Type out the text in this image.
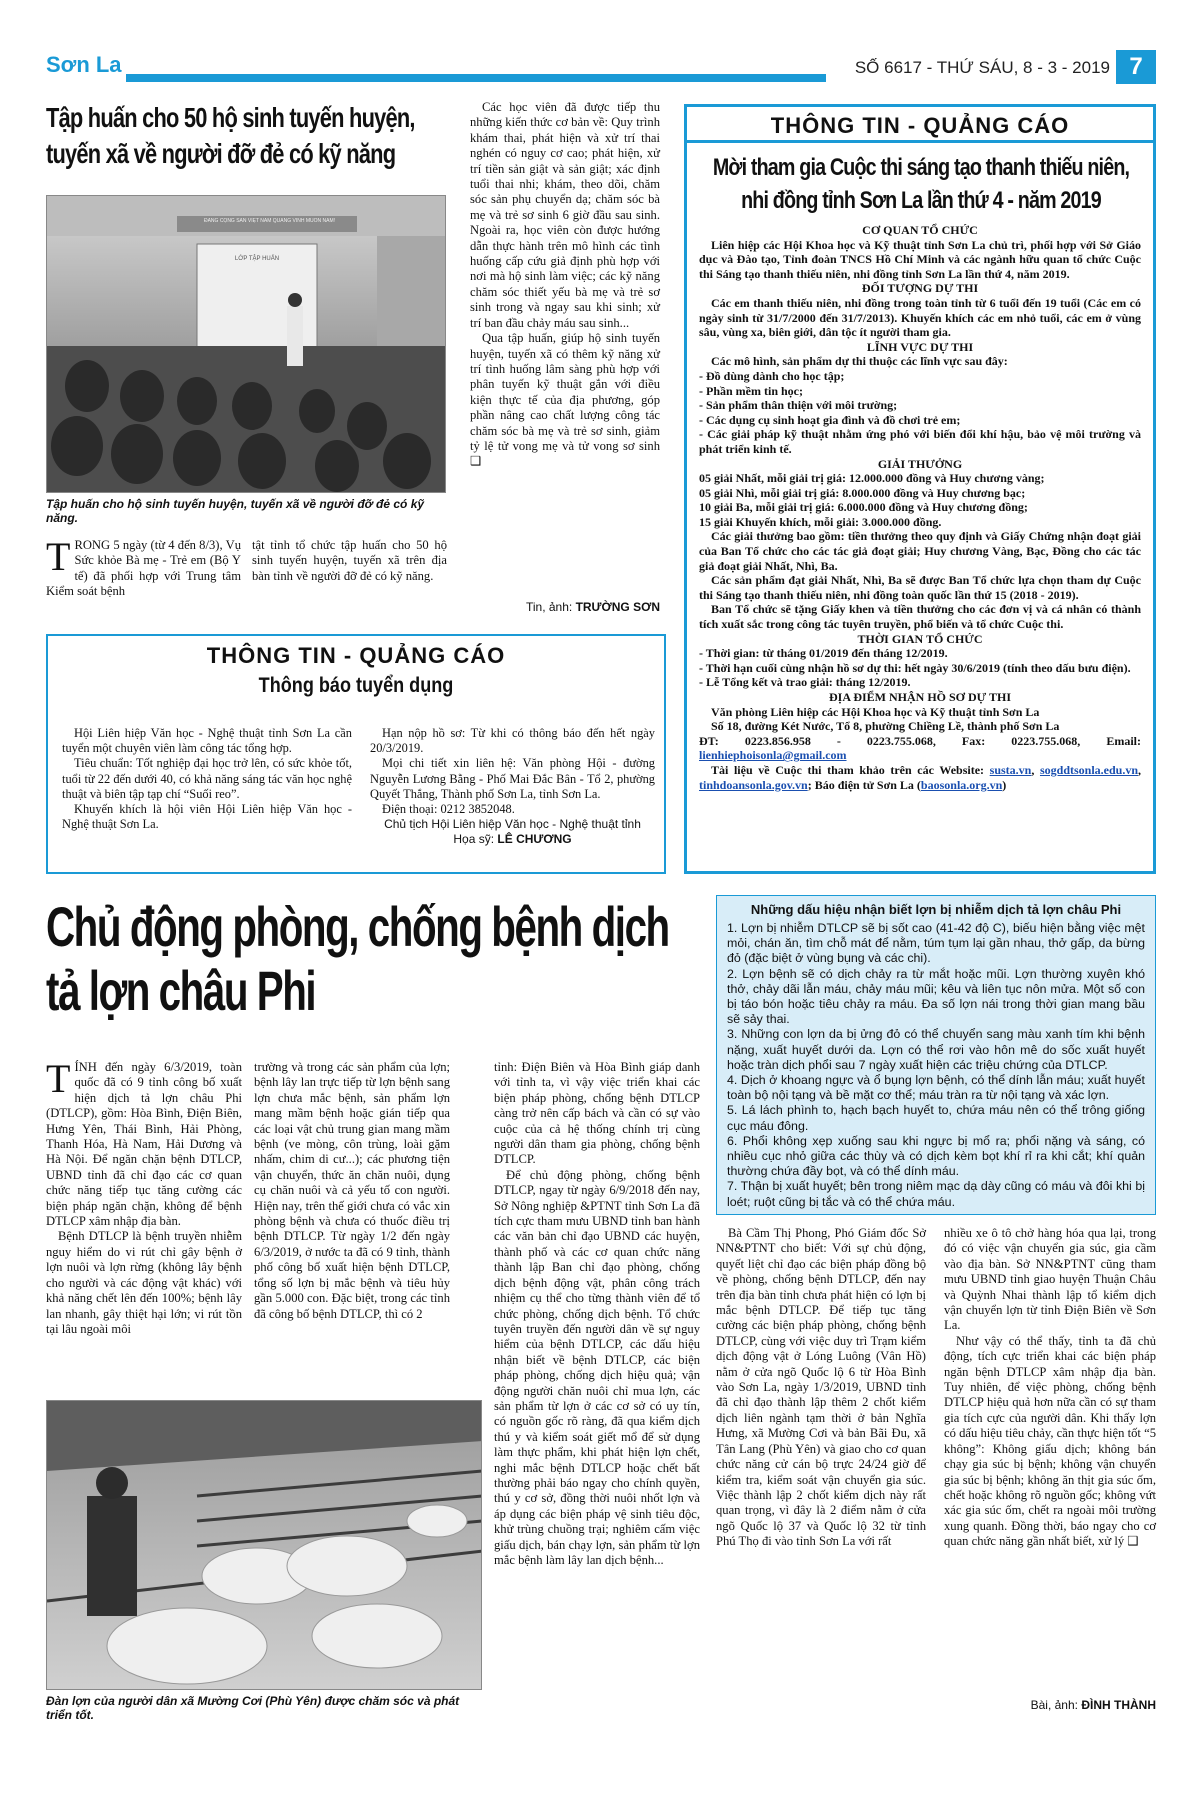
Sơn La	SỐ 6617 - THỨ SÁU, 8 - 3 - 2019 7
Tập huấn cho 50 hộ sinh tuyến huyện,
tuyến xã về người đỡ đẻ có kỹ năng
ĐẢNG CỘNG SẢN VIỆT NAM QUANG VINH MUÔN NĂM!
LỚP TẬP HUẤN
Tập huấn cho hộ sinh tuyến huyện, tuyến xã về người đỡ đẻ có kỹ năng.
TRONG 5 ngày (từ 4 đến 8/3), Vụ Sức khỏe Bà mẹ - Trẻ em (Bộ Y tế) đã phối hợp với Trung tâm Kiểm soát bệnh
tật tỉnh tổ chức tập huấn cho 50 hộ sinh tuyến huyện, tuyến xã trên địa bàn tỉnh về người đỡ đẻ có kỹ năng.

Các học viên đã được tiếp thu những kiến thức cơ bản về: Quy trình khám thai, phát hiện và xử trí thai nghén có nguy cơ cao; phát hiện, xử trí tiền sản giật và sản giật; xác định tuổi thai nhi; khám, theo dõi, chăm sóc sản phụ chuyển dạ; chăm sóc bà mẹ và trẻ sơ sinh 6 giờ đầu sau sinh. Ngoài ra, học viên còn được hướng dẫn thực hành trên mô hình các tình huống cấp cứu giả định phù hợp với nơi mà hộ sinh làm việc; các kỹ năng chăm sóc thiết yếu bà mẹ và trẻ sơ sinh trong và ngay sau khi sinh; xử trí ban đầu chảy máu sau sinh...

Qua tập huấn, giúp hộ sinh tuyến huyện, tuyến xã có thêm kỹ năng xử trí tình huống lâm sàng phù hợp với phân tuyến kỹ thuật gắn với điều kiện thực tế của địa phương, góp phần nâng cao chất lượng công tác chăm sóc bà mẹ và trẻ sơ sinh, giảm tỷ lệ tử vong mẹ và tử vong sơ sinh ❑

Tin, ảnh: TRƯỜNG SƠN
THÔNG TIN - QUẢNG CÁO
Thông báo tuyển dụng

Hội Liên hiệp Văn học - Nghệ thuật tỉnh Sơn La cần tuyển một chuyên viên làm công tác tổng hợp.

Tiêu chuẩn: Tốt nghiệp đại học trở lên, có sức khỏe tốt, tuổi từ 22 đến dưới 40, có khả năng sáng tác văn học nghệ thuật và biên tập tạp chí “Suối reo”.

Khuyến khích là hội viên Hội Liên hiệp Văn học - Nghệ thuật Sơn La.

Hạn nộp hồ sơ: Từ khi có thông báo đến hết ngày 20/3/2019.

Mọi chi tiết xin liên hệ: Văn phòng Hội - đường Nguyễn Lương Bằng - Phố Mai Đắc Bân - Tổ 2, phường Quyết Thắng, Thành phố Sơn La, tỉnh Sơn La.

Điện thoại: 0212 3852048.

Chủ tịch Hội Liên hiệp Văn học - Nghệ thuật tỉnh

Họa sỹ: LÊ CHƯƠNG

THÔNG TIN - QUẢNG CÁO
Mời tham gia Cuộc thi sáng tạo thanh thiếu niên,
nhi đồng tỉnh Sơn La lần thứ 4 - năm 2019
CƠ QUAN TỔ CHỨC

Liên hiệp các Hội Khoa học và Kỹ thuật tỉnh Sơn La chủ trì, phối hợp với Sở Giáo dục và Đào tạo, Tỉnh đoàn TNCS Hồ Chí Minh và các ngành hữu quan tổ chức Cuộc thi Sáng tạo thanh thiếu niên, nhi đồng tỉnh Sơn La lần thứ 4, năm 2019.

ĐỐI TƯỢNG DỰ THI

Các em thanh thiếu niên, nhi đồng trong toàn tỉnh từ 6 tuổi đến 19 tuổi (Các em có ngày sinh từ 31/7/2000 đến 31/7/2013). Khuyến khích các em nhỏ tuổi, các em ở vùng sâu, vùng xa, biên giới, dân tộc ít người tham gia.

LĨNH VỰC DỰ THI

Các mô hình, sản phẩm dự thi thuộc các lĩnh vực sau đây:

- Đồ dùng dành cho học tập;

- Phần mềm tin học;

- Sản phẩm thân thiện với môi trường;

- Các dụng cụ sinh hoạt gia đình và đồ chơi trẻ em;

- Các giải pháp kỹ thuật nhằm ứng phó với biến đổi khí hậu, bảo vệ môi trường và phát triển kinh tế.

GIẢI THƯỞNG

05 giải Nhất, mỗi giải trị giá: 12.000.000 đồng và Huy chương vàng;

05 giải Nhì, mỗi giải trị giá: 8.000.000 đồng và Huy chương bạc;

10 giải Ba, mỗi giải trị giá: 6.000.000 đồng và Huy chương đồng;

15 giải Khuyến khích, mỗi giải: 3.000.000 đồng.

Các giải thưởng bao gồm: tiền thưởng theo quy định và Giấy Chứng nhận đoạt giải của Ban Tổ chức cho các tác giả đoạt giải; Huy chương Vàng, Bạc, Đồng cho các tác giả đoạt giải Nhất, Nhì, Ba.

Các sản phẩm đạt giải Nhất, Nhì, Ba sẽ được Ban Tổ chức lựa chọn tham dự Cuộc thi Sáng tạo thanh thiếu niên, nhi đồng toàn quốc lần thứ 15 (2018 - 2019).

Ban Tổ chức sẽ tặng Giấy khen và tiền thưởng cho các đơn vị và cá nhân có thành tích xuất sắc trong công tác tuyên truyền, phổ biến và tổ chức Cuộc thi.

THỜI GIAN TỔ CHỨC

- Thời gian: từ tháng 01/2019 đến tháng 12/2019.

- Thời hạn cuối cùng nhận hồ sơ dự thi: hết ngày 30/6/2019 (tính theo dấu bưu điện).

- Lễ Tổng kết và trao giải: tháng 12/2019.

ĐỊA ĐIỂM NHẬN HỒ SƠ DỰ THI

Văn phòng Liên hiệp các Hội Khoa học và Kỹ thuật tỉnh Sơn La

Số 18, đường Két Nước, Tổ 8, phường Chiềng Lề, thành phố Sơn La

ĐT: 0223.856.958 - 0223.755.068, Fax: 0223.755.068, Email: lienhiephoisonla@gmail.com

Tài liệu về Cuộc thi tham khảo trên các Website: susta.vn, sogddtsonla.edu.vn, tinhdoansonla.gov.vn; Báo điện tử Sơn La (baosonla.org.vn)

Chủ động phòng, chống bệnh dịch
tả lợn châu Phi

TÍNH đến ngày 6/3/2019, toàn quốc đã có 9 tỉnh công bố xuất hiện dịch tả lợn châu Phi (DTLCP), gồm: Hòa Bình, Điện Biên, Hưng Yên, Thái Bình, Hải Phòng, Thanh Hóa, Hà Nam, Hải Dương và Hà Nội. Để ngăn chặn bệnh DTLCP, UBND tỉnh đã chỉ đạo các cơ quan chức năng tiếp tục tăng cường các biện pháp ngăn chặn, không để bệnh DTLCP xâm nhập địa bàn.

Bệnh DTLCP là bệnh truyền nhiễm nguy hiểm do vi rút chỉ gây bệnh ở lợn nuôi và lợn rừng (không lây bệnh cho người và các động vật khác) với khả năng chết lên đến 100%; bệnh lây lan nhanh, gây thiệt hại lớn; vi rút tồn tại lâu ngoài môi

trường và trong các sản phẩm của lợn; bệnh lây lan trực tiếp từ lợn bệnh sang lợn chưa mắc bệnh, sản phẩm lợn mang mầm bệnh hoặc gián tiếp qua các loại vật chủ trung gian mang mầm bệnh (ve mòng, côn trùng, loài gặm nhấm, chim di cư...); các phương tiện vận chuyển, thức ăn chăn nuôi, dụng cụ chăn nuôi và cả yếu tố con người. Hiện nay, trên thế giới chưa có vắc xin phòng bệnh và chưa có thuốc điều trị bệnh DTLCP. Từ ngày 1/2 đến ngày 6/3/2019, ở nước ta đã có 9 tỉnh, thành phố công bố xuất hiện bệnh DTLCP, tổng số lợn bị mắc bệnh và tiêu hủy gần 5.000 con. Đặc biệt, trong các tỉnh đã công bố bệnh DTLCP, thì có 2

Đàn lợn của người dân xã Mường Cơi (Phù Yên) được chăm sóc và phát triển tốt.

tỉnh: Điện Biên và Hòa Bình giáp danh với tỉnh ta, vì vậy việc triển khai các biện pháp phòng, chống bệnh DTLCP càng trở nên cấp bách và cần có sự vào cuộc của cả hệ thống chính trị cùng người dân tham gia phòng, chống bệnh DTLCP.

Để chủ động phòng, chống bệnh DTLCP, ngay từ ngày 6/9/2018 đến nay, Sở Nông nghiệp &PTNT tỉnh Sơn La đã tích cực tham mưu UBND tỉnh ban hành các văn bản chỉ đạo UBND các huyện, thành phố và các cơ quan chức năng thành lập Ban chỉ đạo phòng, chống dịch bệnh động vật, phân công trách nhiệm cụ thể cho từng thành viên để tổ chức phòng, chống dịch bệnh. Tổ chức tuyên truyền đến người dân về sự nguy hiểm của bệnh DTLCP, các dấu hiệu nhận biết về bệnh DTLCP, các biện pháp phòng, chống dịch hiệu quả; vận động người chăn nuôi chỉ mua lợn, các sản phẩm từ lợn ở các cơ sở có uy tín, có nguồn gốc rõ ràng, đã qua kiểm dịch thú y và kiểm soát giết mổ để sử dụng làm thực phẩm, khi phát hiện lợn chết, nghi mắc bệnh DTLCP hoặc chết bất thường phải báo ngay cho chính quyền, thú y cơ sở, đồng thời nuôi nhốt lợn và áp dụng các biện pháp vệ sinh tiêu độc, khử trùng chuồng trại; nghiêm cấm việc giấu dịch, bán chạy lợn, sản phẩm từ lợn mắc bệnh làm lây lan dịch bệnh...

Những dấu hiệu nhận biết lợn bị nhiễm dịch tả lợn châu Phi

1. Lợn bị nhiễm DTLCP sẽ bị sốt cao (41-42 độ C), biếu hiện bằng việc mệt mỏi, chán ăn, tìm chỗ mát để nằm, túm tụm lại gần nhau, thở gấp, da bừng đỏ (đặc biệt ở vùng bụng và các chi).

2. Lợn bệnh sẽ có dịch chảy ra từ mắt hoặc mũi. Lợn thường xuyên khó thở, chảy dãi lẫn máu, chảy máu mũi; kêu và liên tục nôn mửa. Một số con bị táo bón hoặc tiêu chảy ra máu. Đa số lợn nái trong thời gian mang bầu sẽ sảy thai.

3. Những con lợn da bị ửng đỏ có thể chuyển sang màu xanh tím khi bệnh nặng, xuất huyết dưới da. Lợn có thể rơi vào hôn mê do sốc xuất huyết hoặc tràn dịch phổi sau 7 ngày xuất hiện các triệu chứng của DTLCP.

4. Dịch ở khoang ngực và ổ bụng lợn bệnh, có thể dính lẫn máu; xuất huyết toàn bộ nội tạng và bề mặt cơ thể; máu tràn ra từ nội tạng và xác lợn.

5. Lá lách phình to, hạch bạch huyết to, chứa máu nên có thể trông giống cục máu đông.

6. Phổi không xẹp xuống sau khi ngực bị mổ ra; phổi nặng và sáng, có nhiều cục nhỏ giữa các thùy và có dịch kèm bọt khí rỉ ra khi cắt; khí quản thường chứa đầy bọt, và có thể dính máu.

7. Thận bị xuất huyết; bên trong niêm mạc dạ dày cũng có máu và đôi khi bị loét; ruột cũng bị tắc và có thể chứa máu.

Bà Cầm Thị Phong, Phó Giám đốc Sở NN&PTNT cho biết: Với sự chủ động, quyết liệt chỉ đạo các biện pháp đồng bộ về phòng, chống bệnh DTLCP, đến nay trên địa bàn tỉnh chưa phát hiện có lợn bị mắc bệnh DTLCP. Để tiếp tục tăng cường các biện pháp phòng, chống bệnh DTLCP, cùng với việc duy trì Trạm kiểm dịch động vật ở Lóng Luông (Vân Hồ) nằm ở cửa ngõ Quốc lộ 6 từ Hòa Bình vào Sơn La, ngày 1/3/2019, UBND tỉnh đã chỉ đạo thành lập thêm 2 chốt kiểm dịch liên ngành tạm thời ở bản Nghĩa Hưng, xã Mường Cơi và bản Bãi Đu, xã Tân Lang (Phù Yên) và giao cho cơ quan chức năng cử cán bộ trực 24/24 giờ để kiểm tra, kiểm soát vận chuyển gia súc. Việc thành lập 2 chốt kiểm dịch này rất quan trọng, vì đây là 2 điểm nằm ở cửa ngõ Quốc lộ 37 và Quốc lộ 32 từ tỉnh Phú Thọ đi vào tỉnh Sơn La với rất

nhiều xe ô tô chở hàng hóa qua lại, trong đó có việc vận chuyển gia súc, gia cầm vào địa bàn. Sở NN&PTNT cũng tham mưu UBND tỉnh giao huyện Thuận Châu và Quỳnh Nhai thành lập tổ kiểm dịch vận chuyển lợn từ tỉnh Điện Biên về Sơn La.

Như vậy có thể thấy, tỉnh ta đã chủ động, tích cực triển khai các biện pháp ngăn bệnh DTLCP xâm nhập địa bàn. Tuy nhiên, để việc phòng, chống bệnh DTLCP hiệu quả hơn nữa cần có sự tham gia tích cực của người dân. Khi thấy lợn có dấu hiệu tiêu chảy, cần thực hiện tốt “5 không”: Không giấu dịch; không bán chạy gia súc bị bệnh; không vận chuyển gia súc bị bệnh; không ăn thịt gia súc ốm, chết hoặc không rõ nguồn gốc; không vứt xác gia súc ốm, chết ra ngoài môi trường xung quanh. Đồng thời, báo ngay cho cơ quan chức năng gần nhất biết, xử lý ❑

Bài, ảnh: ĐÌNH THÀNH
